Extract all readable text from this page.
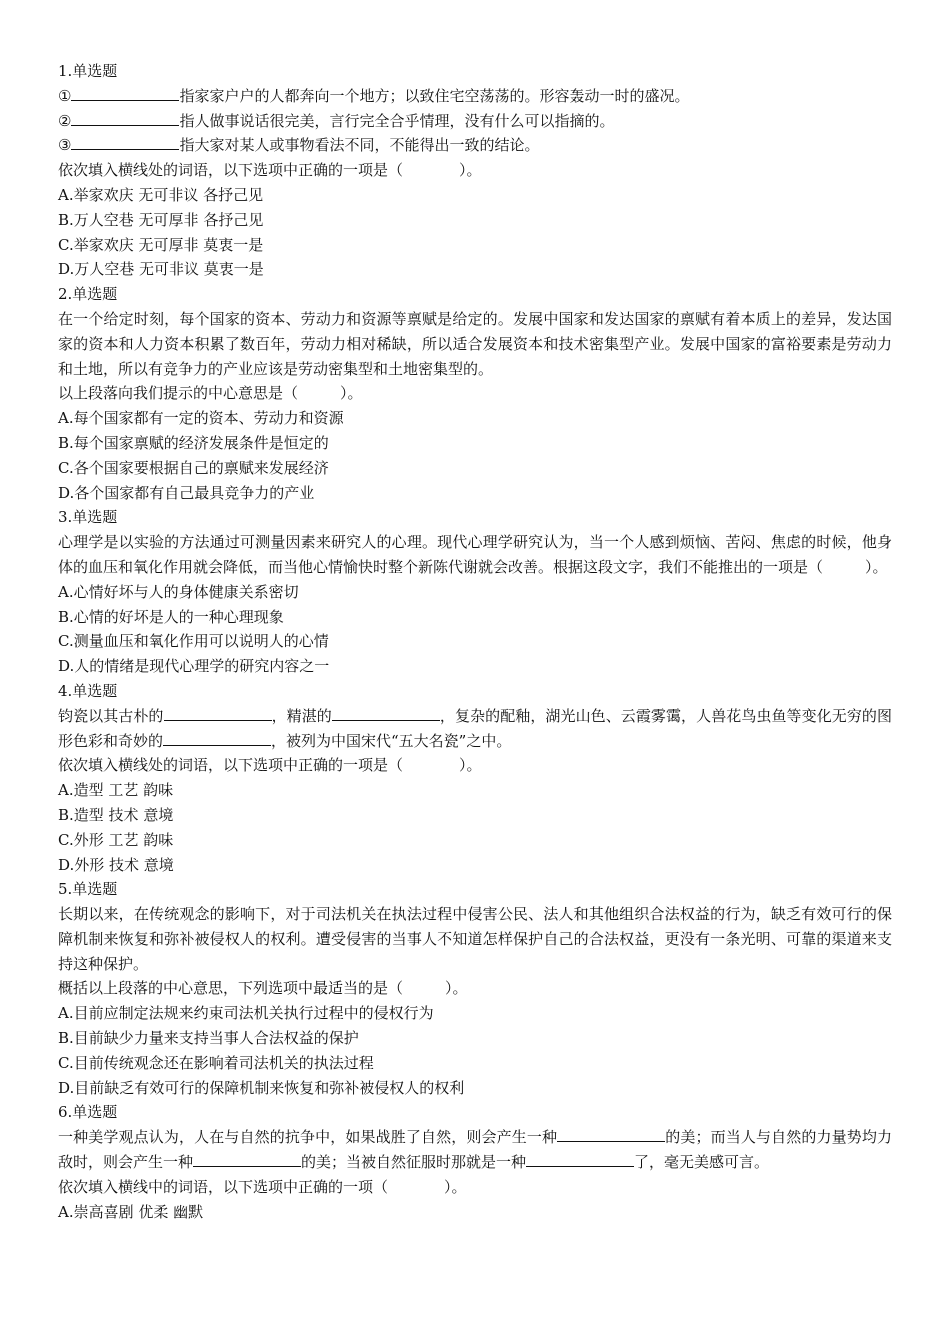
1.单选题
①	指家家户户的人都奔向一个地方；以致住宅空荡荡的。形容轰动一时的盛况。
②	指人做事说话很完美，言行完全合乎情理，没有什么可以指摘的。
③	指大家对某人或事物看法不同，不能得出一致的结论。
依次填入横线处的词语，以下选项中正确的一项是（	）。
A.举家欢庆 无可非议 各抒己见
B.万人空巷 无可厚非 各抒己见
C.举家欢庆 无可厚非 莫衷一是
D.万人空巷 无可非议 莫衷一是
2.单选题
在一个给定时刻，每个国家的资本、劳动力和资源等禀赋是给定的。发展中国家和发达国家的禀赋有着本质上的差异，发达国家的资本和人力资本积累了数百年，劳动力相对稀缺，所以适合发展资本和技术密集型产业。发展中国家的富裕要素是劳动力和土地，所以有竞争力的产业应该是劳动密集型和土地密集型的。
以上段落向我们提示的中心意思是（	）。
A.每个国家都有一定的资本、劳动力和资源
B.每个国家禀赋的经济发展条件是恒定的
C.各个国家要根据自己的禀赋来发展经济
D.各个国家都有自己最具竞争力的产业
3.单选题
心理学是以实验的方法通过可测量因素来研究人的心理。现代心理学研究认为，当一个人感到烦恼、苦闷、焦虑的时候，他身体的血压和氧化作用就会降低，而当他心情愉快时整个新陈代谢就会改善。根据这段文字，我们不能推出的一项是（	）。
A.心情好坏与人的身体健康关系密切
B.心情的好坏是人的一种心理现象
C.测量血压和氧化作用可以说明人的心情
D.人的情绪是现代心理学的研究内容之一
4.单选题
钧瓷以其古朴的	，精湛的	，复杂的配釉，湖光山色、云霞雾霭，人兽花鸟虫鱼等变化无穷的图形色彩和奇妙的	，被列为中国宋代“五大名瓷”之中。
依次填入横线处的词语，以下选项中正确的一项是（	）。
A.造型 工艺 韵味
B.造型 技术 意境
C.外形 工艺 韵味
D.外形 技术 意境
5.单选题
长期以来，在传统观念的影响下，对于司法机关在执法过程中侵害公民、法人和其他组织合法权益的行为，缺乏有效可行的保障机制来恢复和弥补被侵权人的权利。遭受侵害的当事人不知道怎样保护自己的合法权益，更没有一条光明、可靠的渠道来支持这种保护。
概括以上段落的中心意思，下列选项中最适当的是（	）。
A.目前应制定法规来约束司法机关执行过程中的侵权行为
B.目前缺少力量来支持当事人合法权益的保护
C.目前传统观念还在影响着司法机关的执法过程
D.目前缺乏有效可行的保障机制来恢复和弥补被侵权人的权利
6.单选题
一种美学观点认为，人在与自然的抗争中，如果战胜了自然，则会产生一种	的美；而当人与自然的力量势均力敌时，则会产生一种	的美；当被自然征服时那就是一种	了，毫无美感可言。
依次填入横线中的词语，以下选项中正确的一项（	）。
A.崇高喜剧 优柔 幽默
